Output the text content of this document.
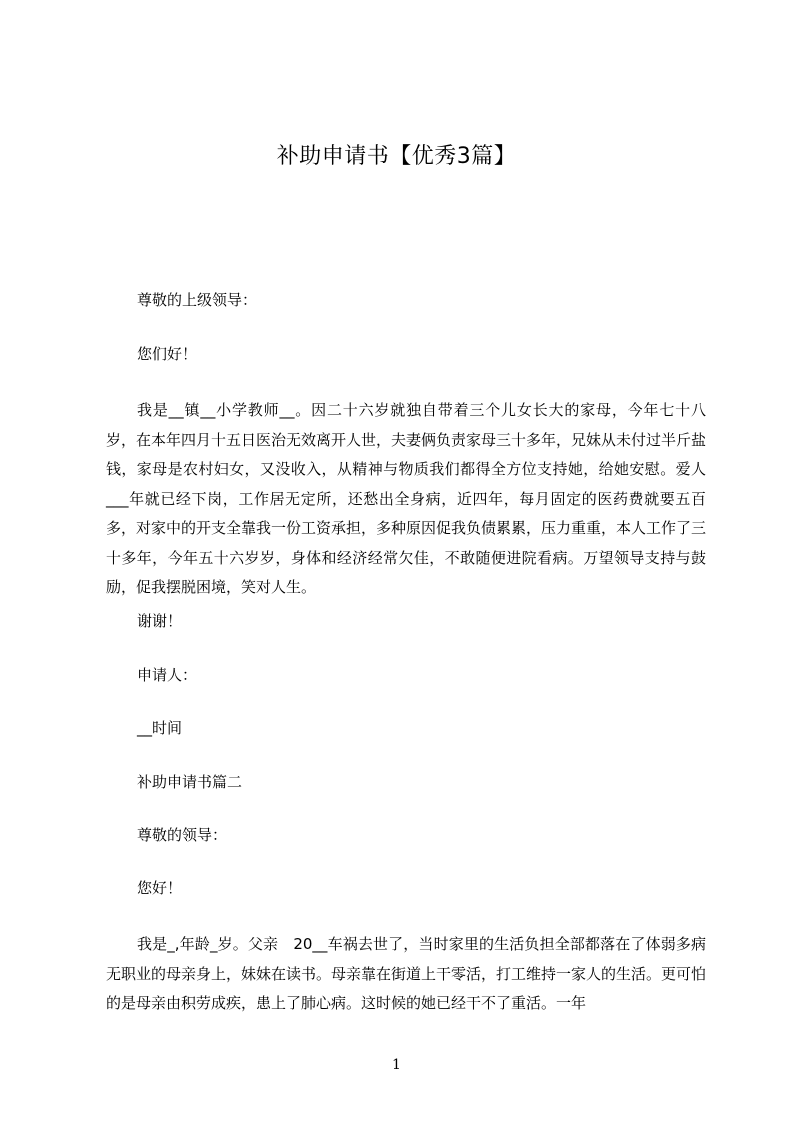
补助申请书【优秀3篇】
尊敬的上级领导：
您们好！

我是__镇__小学教师__。因二十六岁就独自带着三个儿女长大的家母，今年七十八岁，在本年四月十五日医治无效离开人世，夫妻俩负责家母三十多年，兄妹从未付过半斤盐钱，家母是农村妇女，又没收入，从精神与物质我们都得全方位支持她，给她安慰。爱人___年就已经下岗，工作居无定所，还愁出全身病，近四年，每月固定的医药费就要五百多，对家中的开支全靠我一份工资承担，多种原因促我负债累累，压力重重，本人工作了三十多年，今年五十六岁岁，身体和经济经常欠佳，不敢随便进院看病。万望领导支持与鼓励，促我摆脱困境，笑对人生。

谢谢！
申请人：
__时间
补助申请书篇二
尊敬的领导：
您好！

我是_,年龄_岁。父亲　20__车祸去世了，当时家里的生活负担全部都落在了体弱多病无职业的母亲身上，妹妹在读书。母亲靠在街道上干零活，打工维持一家人的生活。更可怕的是母亲由积劳成疾，患上了肺心病。这时候的她已经干不了重活。一年

1
